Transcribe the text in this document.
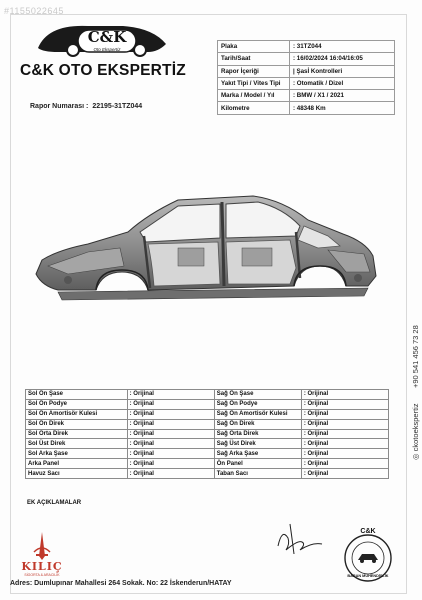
#1155022645
C&K
Oto Ekspertiz
C&K OTO EKSPERTİZ
Rapor Numarası : 22195-31TZ044
Plaka	: 31TZ044
Tarih/Saat	: 16/02/2024 16:04/16:05
Rapor İçeriği	| Şasİ Kontrolleri
Yakıt Tipi / Vites Tipi	: Otomatik / Dizel
Marka / Model / Yıl	: BMW / X1 / 2021
Kilometre	: 48348 Km
+90 541 456 73 28
◎ ckotoekspertiz
Sol Ön Şase	: Orijinal	Sağ Ön Şase	: Orijinal
Sol Ön Podye	: Orijinal	Sağ Ön Podye	: Orijinal
Sol Ön Amortisör Kulesi	: Orijinal	Sağ Ön Amortisör Kulesi	: Orijinal
Sol Ön Direk	: Orijinal	Sağ Ön Direk	: Orijinal
Sol Orta Direk	: Orijinal	Sağ Orta Direk	: Orijinal
Sol Üst Direk	: Orijinal	Sağ Üst Direk	: Orijinal
Sol Arka Şase	: Orijinal	Sağ Arka Şase	: Orijinal
Arka Panel	: Orijinal	Ön Panel	: Orijinal
Havuz Sacı	: Orijinal	Taban Sacı	: Orijinal
EK AÇIKLAMALAR
KILIÇ
SİGORTA & ARACILIK
C&K
BARAN MÜHENDİSLİK
Adres: Dumlupınar Mahallesi 264 Sokak. No: 22 İskenderun/HATAY
